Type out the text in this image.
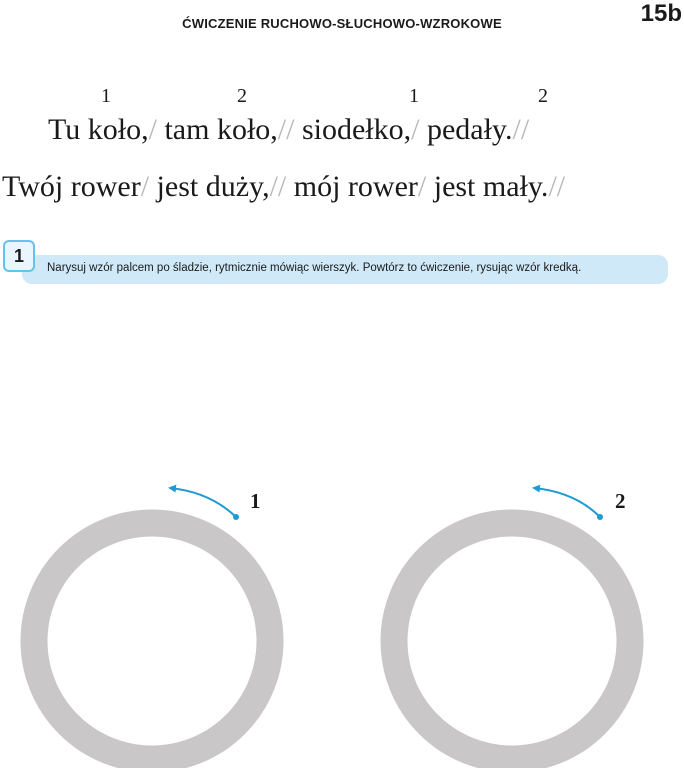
ĆWICZENIE RUCHOWO-SŁUCHOWO-WZROKOWE	15b
1	2	1	2
Tu koło,/ tam koło,// siodełko,/ pedały.//
Twój rower/ jest duży,// mój rower/ jest mały.//
1
Narysuj wzór palcem po śladzie, rytmicznie mówiąc wierszyk. Powtórz to ćwiczenie, rysując wzór kredką.
1	2
